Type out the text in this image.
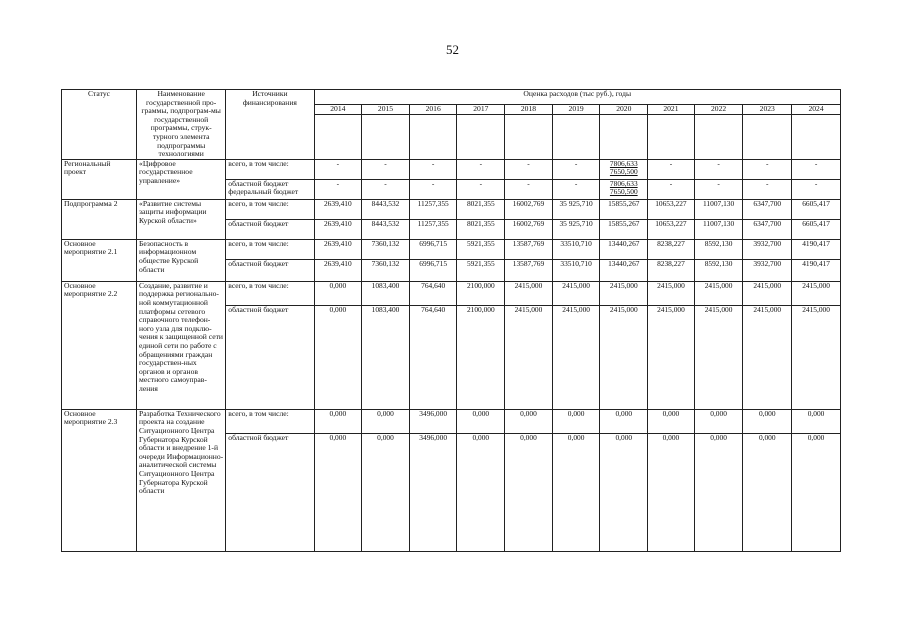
52
Статус	Наименование государственной про-граммы, подпрограм-мы государственной программы, струк-турного элемента подпрограммы технологиями	Источники финансирования	Оценка расходов (тыс руб.), годы										
			2014	2015	2016	2017	2018	2019	2020	2021	2022	2023	2024

Региональный проект	«Цифровое государственное управление»	всего, в том числе:	-	-	-	-	-	-	7806,633 7650,500	-	-	-	-
		областной бюджет федеральный бюджет	-	-	-	-	-	-	7806,633 7650,500	-	-	-	-
Подпрограмма 2	«Развитие системы защиты информации Курской области»	всего, в том числе:	2639,410	8443,532	11257,355	8021,355	16002,769	35 925,710	15855,267	10653,227	11007,130	6347,700	6605,417
		областной бюджет	2639,410	8443,532	11257,355	8021,355	16002,769	35 925,710	15855,267	10653,227	11007,130	6347,700	6605,417
Основное мероприятие 2.1	Безопасность в информационном обществе Курской области	всего, в том числе:	2639,410	7360,132	6996,715	5921,355	13587,769	33510,710	13440,267	8238,227	8592,130	3932,700	4190,417
		областной бюджет	2639,410	7360,132	6996,715	5921,355	13587,769	33510,710	13440,267	8238,227	8592,130	3932,700	4190,417
Основное мероприятие 2.2	Создание, развитие и поддержка регионально-ной коммутационной платформы сетевого справочного телефон-ного узла для подклю-чения к защищенной сети единой сети по работе с обращениями граждан государствен-ных органов и органов местного самоуправ-ления	всего, в том числе:	0,000	1083,400	764,640	2100,000	2415,000	2415,000	2415,000	2415,000	2415,000	2415,000	2415,000
		областной бюджет	0,000	1083,400	764,640	2100,000	2415,000	2415,000	2415,000	2415,000	2415,000	2415,000	2415,000
Основное мероприятие 2.3	Разработка Технического проекта на создание Ситуационного Центра Губернатора Курской области и внедрение 1-й очереди Информационно-аналитической системы Ситуационного Центра Губернатора Курской области	всего, в том числе:	0,000	0,000	3496,000	0,000	0,000	0,000	0,000	0,000	0,000	0,000	0,000
		областной бюджет	0,000	0,000	3496,000	0,000	0,000	0,000	0,000	0,000	0,000	0,000	0,000
